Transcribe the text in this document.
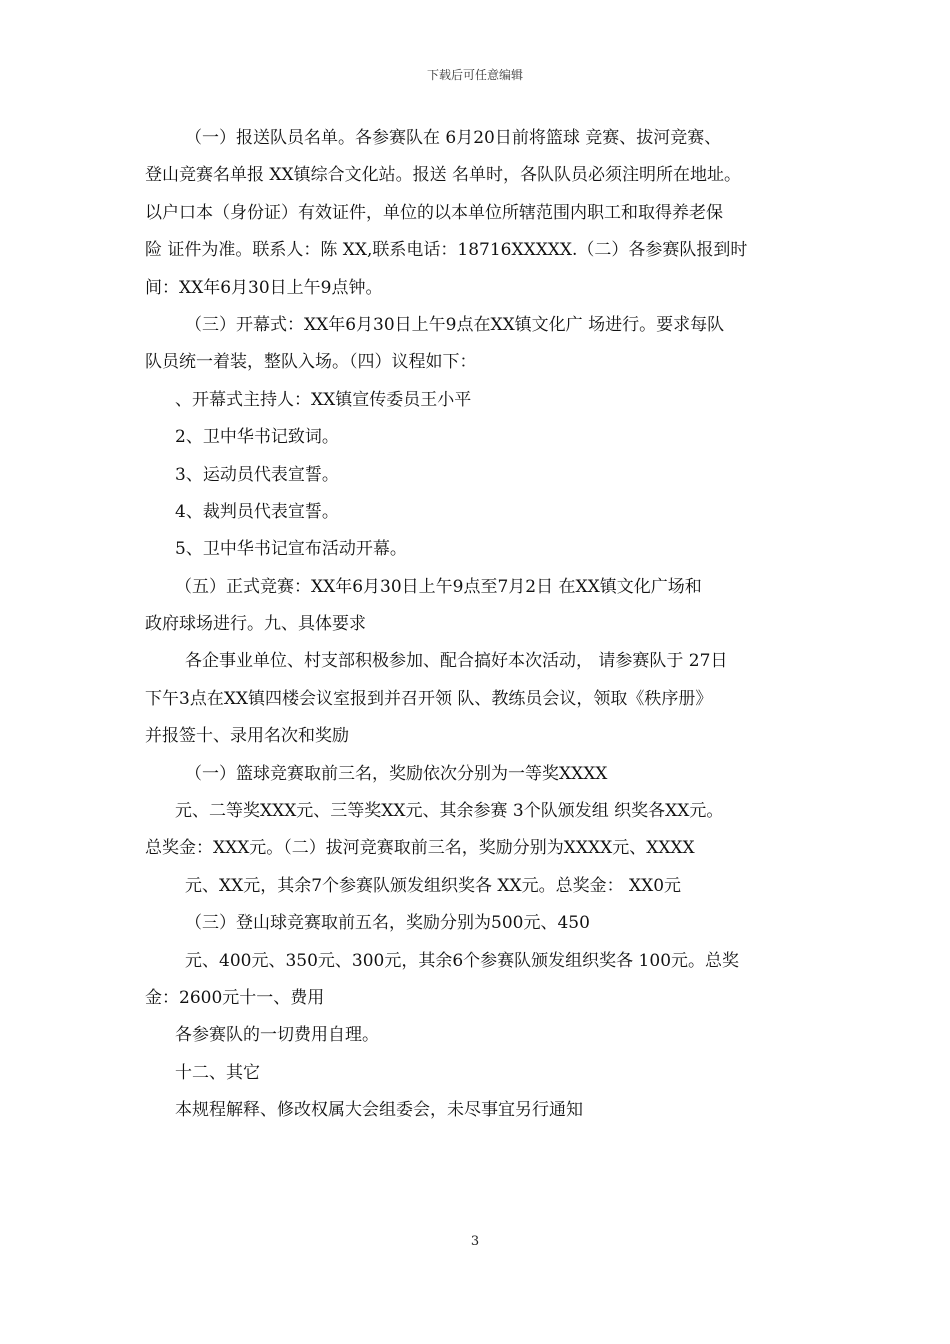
下载后可任意编辑
（一）报送队员名单。各参赛队在 6月20日前将篮球 竞赛、拔河竞赛、
登山竞赛名单报 XX镇综合文化站。报送 名单时，各队队员必须注明所在地址。
以户口本（身份证）有效证件，单位的以本单位所辖范围内职工和取得养老保
险 证件为准。联系人：陈 XX,联系电话：18716XXXXX.（二）各参赛队报到时
间：XX年6月30日上午9点钟。
（三）开幕式：XX年6月30日上午9点在XX镇文化广 场进行。要求每队
队员统一着装，整队入场。（四）议程如下：
、开幕式主持人：XX镇宣传委员王小平
2、卫中华书记致词。
3、运动员代表宣誓。
4、裁判员代表宣誓。
5、卫中华书记宣布活动开幕。
（五）正式竞赛：XX年6月30日上午9点至7月2日 在XX镇文化广场和
政府球场进行。九、具体要求
各企事业单位、村支部积极参加、配合搞好本次活动， 请参赛队于 27日
下午3点在XX镇四楼会议室报到并召开领 队、教练员会议，领取《秩序册》
并报签十、录用名次和奖励
（一）篮球竞赛取前三名，奖励依次分别为一等奖XXXX
元、二等奖XXX元、三等奖XX元、其余参赛 3个队颁发组 织奖各XX元。
总奖金：XXX元。（二）拔河竞赛取前三名，奖励分别为XXXX元、XXXX
元、XX元，其余7个参赛队颁发组织奖各 XX元。总奖金： XX0元
（三）登山球竞赛取前五名，奖励分别为500元、450
元、400元、350元、300元，其余6个参赛队颁发组织奖各 100元。总奖
金：2600元十一、费用
各参赛队的一切费用自理。
十二、其它
本规程解释、修改权属大会组委会，未尽事宜另行通知
3
